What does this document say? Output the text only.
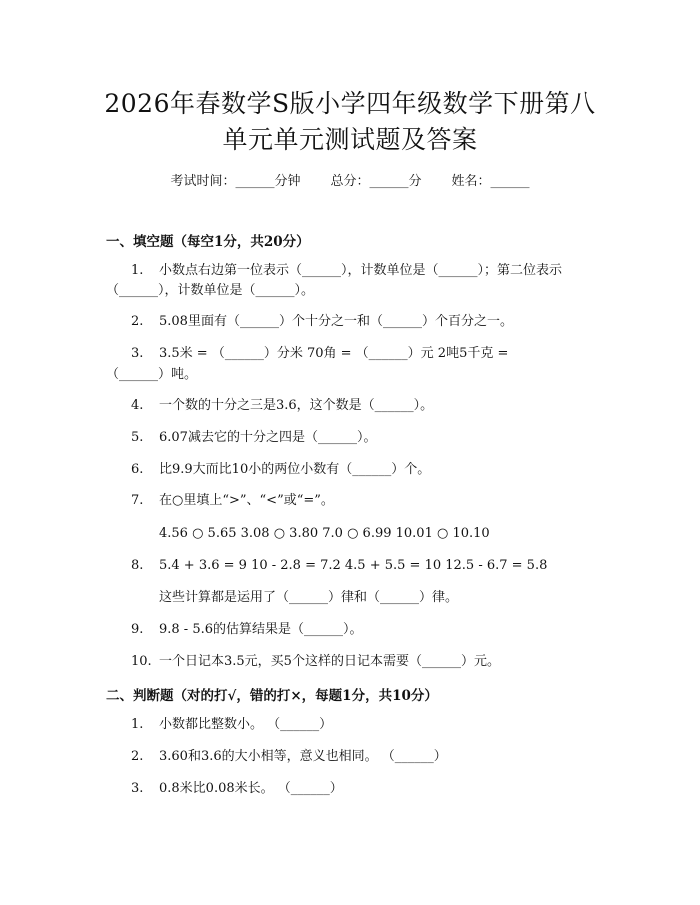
2026年春数学S版小学四年级数学下册第八
单元单元测试题及答案
考试时间：______分钟 总分：______分 姓名：______
一、填空题（每空1分，共20分）
1. 小数点右边第一位表示（______），计数单位是（______）；第二位表示
（______），计数单位是（______）。
2. 5.08里面有（______）个十分之一和（______）个百分之一。
3. 3.5米 = （______）分米 70角 = （______）元 2吨5千克 =
（______）吨。
4. 一个数的十分之三是3.6，这个数是（______）。
5. 6.07减去它的十分之四是（______）。
6. 比9.9大而比10小的两位小数有（______）个。
7. 在○里填上“>”、“<”或“=”。
4.56 ○ 5.65 3.08 ○ 3.80 7.0 ○ 6.99 10.01 ○ 10.10
8. 5.4 + 3.6 = 9 10 - 2.8 = 7.2 4.5 + 5.5 = 10 12.5 - 6.7 = 5.8
这些计算都是运用了（______）律和（______）律。
9. 9.8 - 5.6的估算结果是（______）。
10. 一个日记本3.5元，买5个这样的日记本需要（______）元。
二、判断题（对的打√，错的打×，每题1分，共10分）
1. 小数都比整数小。 （______）
2. 3.60和3.6的大小相等，意义也相同。 （______）
3. 0.8米比0.08米长。 （______）
